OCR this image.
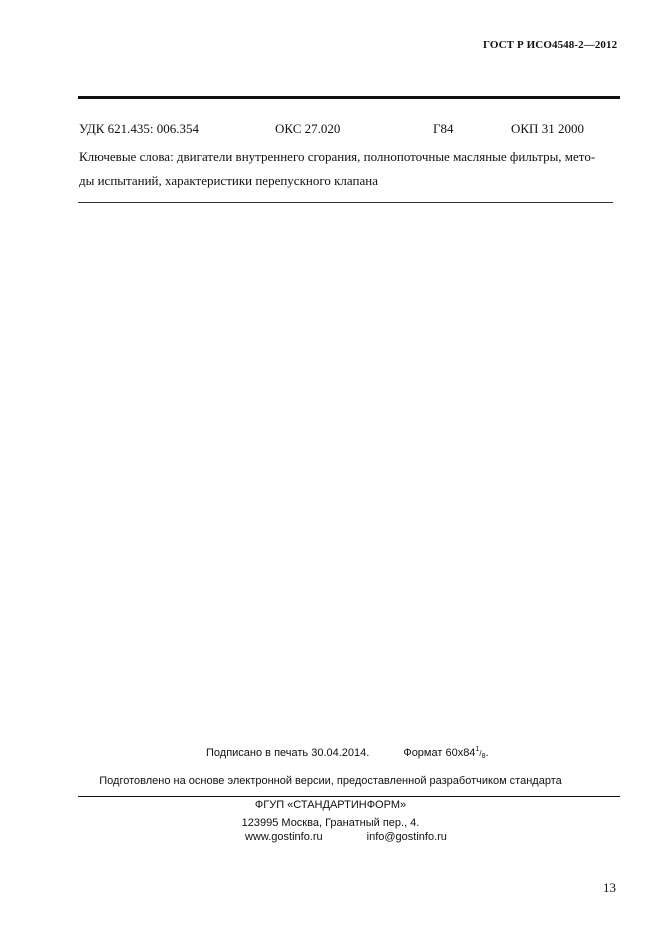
ГОСТ Р ИСО4548-2—2012
УДК 621.435: 006.354	ОКС 27.020	Г84	ОКП 31 2000
Ключевые слова: двигатели внутреннего сгорания, полнопоточные масляные фильтры, мето-
ды испытаний, характеристики перепускного клапана
Подписано в печать 30.04.2014.	Формат $60x84^1/8$.
Подготовлено на основе электронной версии, предоставленной разработчиком стандарта
ФГУП «СТАНДАРТИНФОРМ»
123995 Москва, Гранатный пер., 4.
www.gostinfo.ru	info@gostinfo.ru
13
